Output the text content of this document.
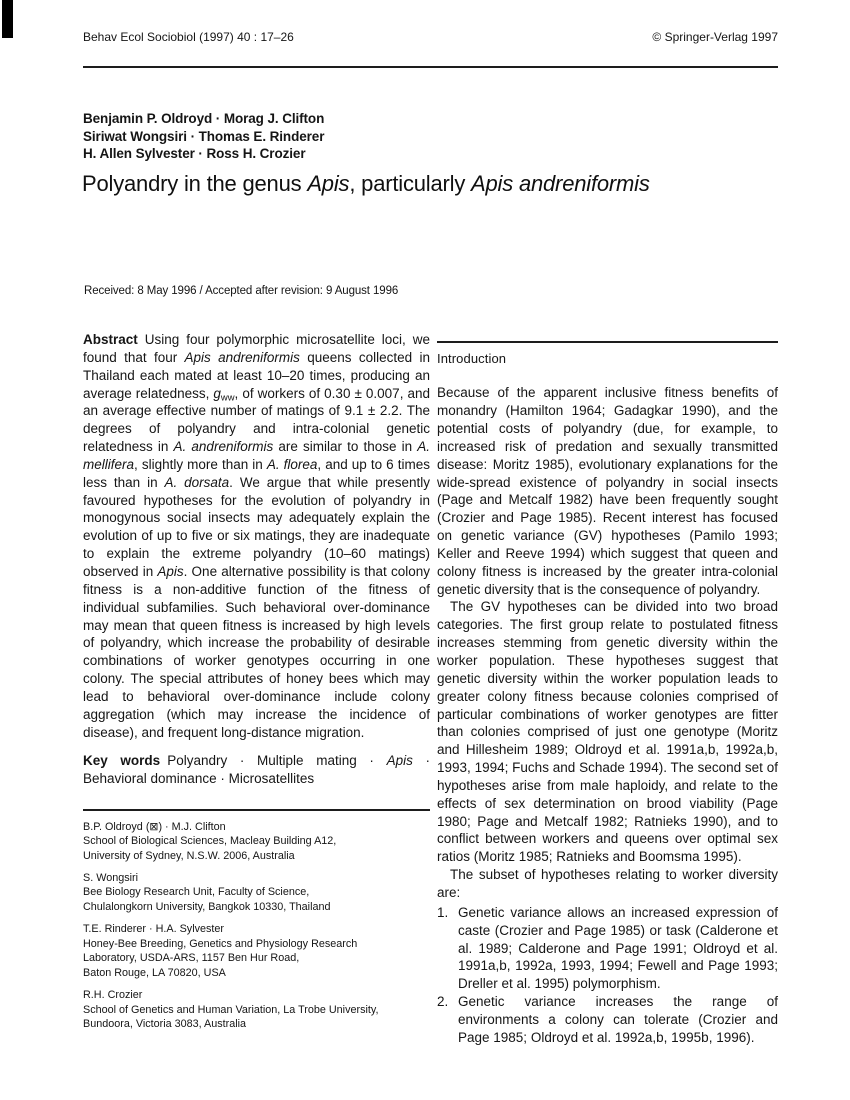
Behav Ecol Sociobiol (1997) 40 : 17–26	© Springer-Verlag 1997
Benjamin P. Oldroyd · Morag J. Clifton
Siriwat Wongsiri · Thomas E. Rinderer
H. Allen Sylvester · Ross H. Crozier
Polyandry in the genus Apis, particularly Apis andreniformis
Received: 8 May 1996 / Accepted after revision: 9 August 1996

Abstract Using four polymorphic microsatellite loci, we found that four Apis andreniformis queens collected in Thailand each mated at least 10–20 times, producing an average relatedness, $g_{ww}$, of workers of 0.30 ± 0.007, and an average effective number of matings of 9.1 ± 2.2. The degrees of polyandry and intra-colonial genetic relatedness in A. andreniformis are similar to those in A. mellifera, slightly more than in A. florea, and up to 6 times less than in A. dorsata. We argue that while presently favoured hypotheses for the evolution of polyandry in monogynous social insects may adequately explain the evolution of up to five or six matings, they are inadequate to explain the extreme polyandry (10–60 matings) observed in Apis. One alternative possibility is that colony fitness is a non-additive function of the fitness of individual subfamilies. Such behavioral over-dominance may mean that queen fitness is increased by high levels of polyandry, which increase the probability of desirable combinations of worker genotypes occurring in one colony. The special attributes of honey bees which may lead to behavioral over-dominance include colony aggregation (which may increase the incidence of disease), and frequent long-distance migration.

Key words Polyandry · Multiple mating · Apis · Behavioral dominance · Microsatellites

B.P. Oldroyd (⊠) · M.J. Clifton
School of Biological Sciences, Macleay Building A12,
University of Sydney, N.S.W. 2006, Australia
S. Wongsiri
Bee Biology Research Unit, Faculty of Science,
Chulalongkorn University, Bangkok 10330, Thailand
T.E. Rinderer · H.A. Sylvester
Honey-Bee Breeding, Genetics and Physiology Research
Laboratory, USDA-ARS, 1157 Ben Hur Road,
Baton Rouge, LA 70820, USA
R.H. Crozier
School of Genetics and Human Variation, La Trobe University,
Bundoora, Victoria 3083, Australia
Introduction

Because of the apparent inclusive fitness benefits of monandry (Hamilton 1964; Gadagkar 1990), and the potential costs of polyandry (due, for example, to increased risk of predation and sexually transmitted disease: Moritz 1985), evolutionary explanations for the wide-spread existence of polyandry in social insects (Page and Metcalf 1982) have been frequently sought (Crozier and Page 1985). Recent interest has focused on genetic variance (GV) hypotheses (Pamilo 1993; Keller and Reeve 1994) which suggest that queen and colony fitness is increased by the greater intra-colonial genetic diversity that is the consequence of polyandry.

The GV hypotheses can be divided into two broad categories. The first group relate to postulated fitness increases stemming from genetic diversity within the worker population. These hypotheses suggest that genetic diversity within the worker population leads to greater colony fitness because colonies comprised of particular combinations of worker genotypes are fitter than colonies comprised of just one genotype (Moritz and Hillesheim 1989; Oldroyd et al. 1991a,b, 1992a,b, 1993, 1994; Fuchs and Schade 1994). The second set of hypotheses arise from male haploidy, and relate to the effects of sex determination on brood viability (Page 1980; Page and Metcalf 1982; Ratnieks 1990), and to conflict between workers and queens over optimal sex ratios (Moritz 1985; Ratnieks and Boomsma 1995).

The subset of hypotheses relating to worker diversity are:

1. Genetic variance allows an increased expression of caste (Crozier and Page 1985) or task (Calderone et al. 1989; Calderone and Page 1991; Oldroyd et al. 1991a,b, 1992a, 1993, 1994; Fewell and Page 1993; Dreller et al. 1995) polymorphism.
2. Genetic variance increases the range of environments a colony can tolerate (Crozier and Page 1985; Oldroyd et al. 1992a,b, 1995b, 1996).
